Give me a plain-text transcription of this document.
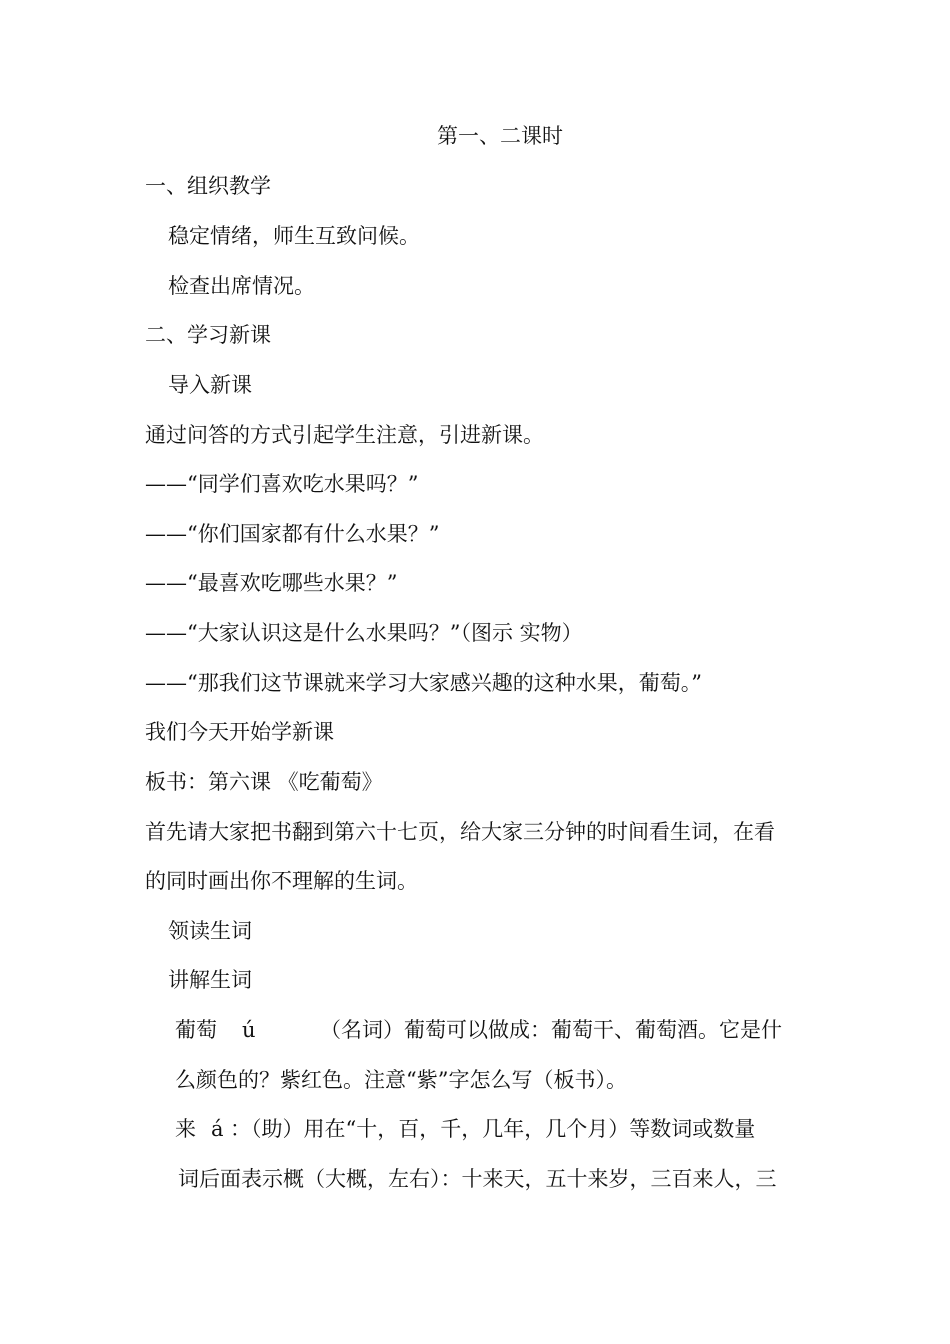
第一、二课时
一、组织教学
稳定情绪，师生互致问候。
检查出席情况。
二、学习新课
导入新课
通过问答的方式引起学生注意，引进新课。
——“同学们喜欢吃水果吗？”
——“你们国家都有什么水果？”
——“最喜欢吃哪些水果？”
——“大家认识这是什么水果吗？”（图示 实物）
——“那我们这节课就来学习大家感兴趣的这种水果，葡萄。”
我们今天开始学新课
板书：第六课 《吃葡萄》
首先请大家把书翻到第六十七页，给大家三分钟的时间看生词，在看
的同时画出你不理解的生词。
领读生词
讲解生词
葡萄 ú	（名词）葡萄可以做成：葡萄干、葡萄酒。它是什
么颜色的？紫红色。注意“紫”字怎么写（板书）。
来 á ：（助）用在“十，百，千，几年，几个月）等数词或数量
词后面表示概（大概，左右）：十来天，五十来岁，三百来人，三
